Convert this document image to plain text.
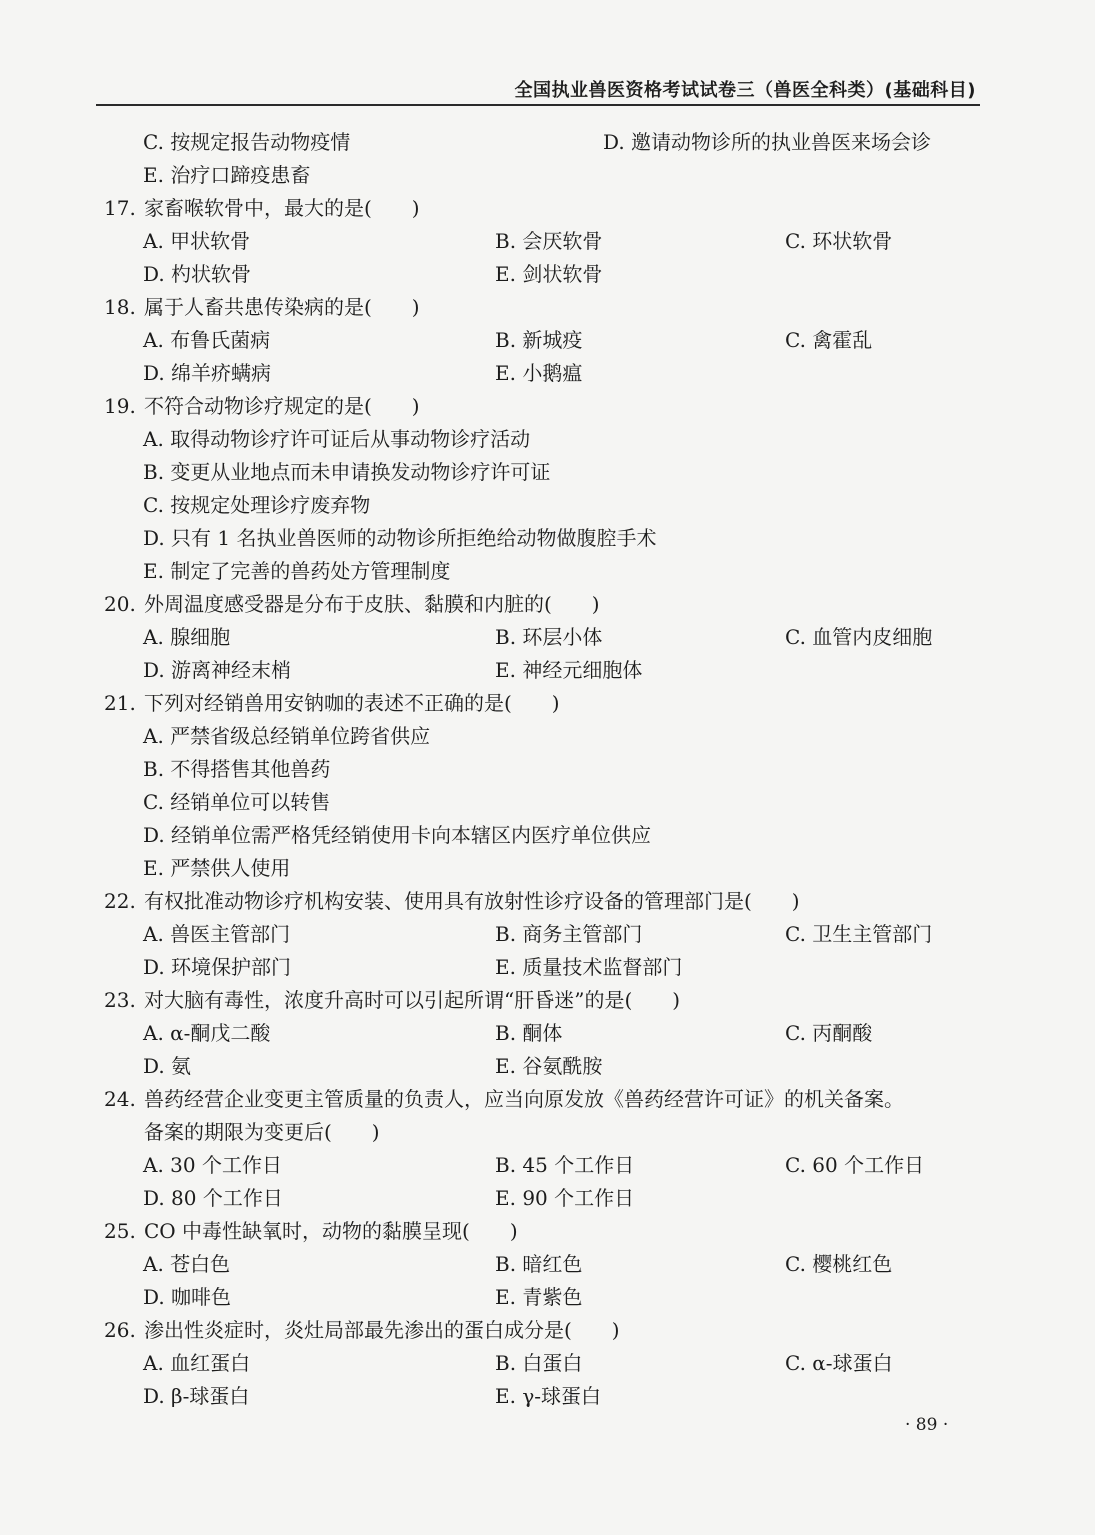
全国执业兽医资格考试试卷三（兽医全科类）(基础科目)
C. 按规定报告动物疫情	D. 邀请动物诊所的执业兽医来场会诊
E. 治疗口蹄疫患畜
17. 家畜喉软骨中，最大的是(　　)
A. 甲状软骨	B. 会厌软骨	C. 环状软骨
D. 杓状软骨	E. 剑状软骨
18. 属于人畜共患传染病的是(　　)
A. 布鲁氏菌病	B. 新城疫	C. 禽霍乱
D. 绵羊疥螨病	E. 小鹅瘟
19. 不符合动物诊疗规定的是(　　)
A. 取得动物诊疗许可证后从事动物诊疗活动
B. 变更从业地点而未申请换发动物诊疗许可证
C. 按规定处理诊疗废弃物
D. 只有 1 名执业兽医师的动物诊所拒绝给动物做腹腔手术
E. 制定了完善的兽药处方管理制度
20. 外周温度感受器是分布于皮肤、黏膜和内脏的(　　)
A. 腺细胞	B. 环层小体	C. 血管内皮细胞
D. 游离神经末梢	E. 神经元细胞体
21. 下列对经销兽用安钠咖的表述不正确的是(　　)
A. 严禁省级总经销单位跨省供应
B. 不得搭售其他兽药
C. 经销单位可以转售
D. 经销单位需严格凭经销使用卡向本辖区内医疗单位供应
E. 严禁供人使用
22. 有权批准动物诊疗机构安装、使用具有放射性诊疗设备的管理部门是(　　)
A. 兽医主管部门	B. 商务主管部门	C. 卫生主管部门
D. 环境保护部门	E. 质量技术监督部门
23. 对大脑有毒性，浓度升高时可以引起所谓“肝昏迷”的是(　　)
A. α-酮戊二酸	B. 酮体	C. 丙酮酸
D. 氨	E. 谷氨酰胺
24. 兽药经营企业变更主管质量的负责人，应当向原发放《兽药经营许可证》的机关备案。
备案的期限为变更后(　　)
A. 30 个工作日	B. 45 个工作日	C. 60 个工作日
D. 80 个工作日	E. 90 个工作日
25. CO 中毒性缺氧时，动物的黏膜呈现(　　)
A. 苍白色	B. 暗红色	C. 樱桃红色
D. 咖啡色	E. 青紫色
26. 渗出性炎症时，炎灶局部最先渗出的蛋白成分是(　　)
A. 血红蛋白	B. 白蛋白	C. α-球蛋白
D. β-球蛋白	E. γ-球蛋白
· 89 ·
